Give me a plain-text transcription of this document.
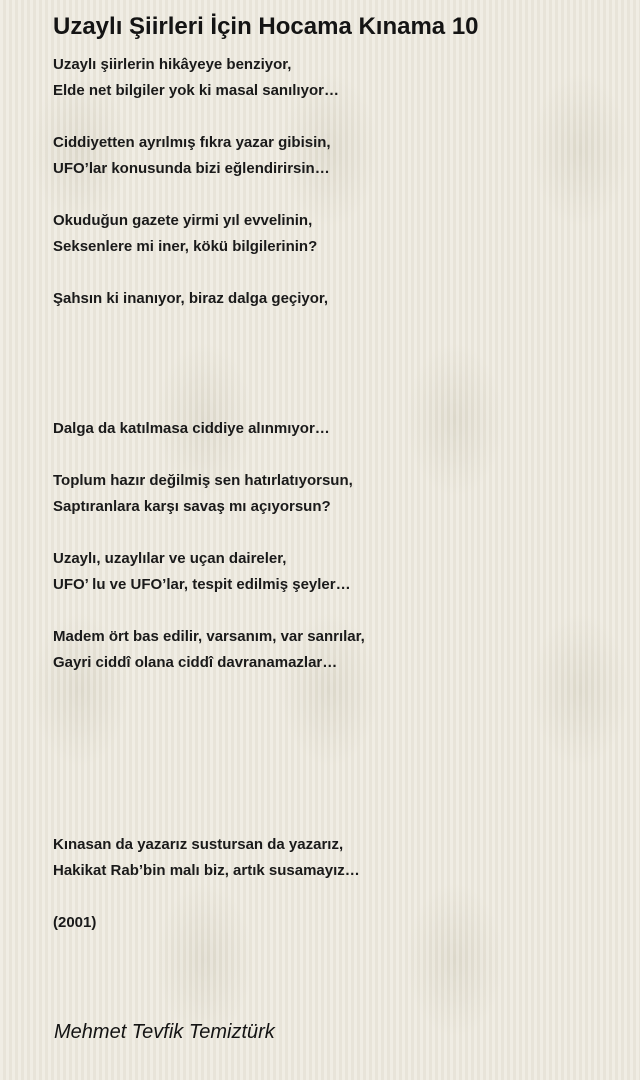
Uzaylı Şiirleri İçin Hocama Kınama 10
Uzaylı şiirlerin hikâyeye benziyor,
Elde net bilgiler yok ki masal sanılıyor…
Ciddiyetten ayrılmış fıkra yazar gibisin,
UFO’lar konusunda bizi eğlendirirsin…
Okuduğun gazete yirmi yıl evvelinin,
Seksenlere mi iner, kökü bilgilerinin?
Şahsın ki inanıyor, biraz dalga geçiyor,
Dalga da katılmasa ciddiye alınmıyor…
Toplum hazır değilmiş sen hatırlatıyorsun,
Saptıranlara karşı savaş mı açıyorsun?
Uzaylı, uzaylılar ve uçan daireler,
UFO’ lu ve UFO’lar, tespit edilmiş şeyler…
Madem ört bas edilir, varsanım, var sanrılar,
Gayri ciddî olana ciddî davranamazlar…
Kınasan da yazarız sustursan da yazarız,
Hakikat Rab’bin malı biz, artık susamayız…
(2001)
Mehmet Tevfik Temiztürk
